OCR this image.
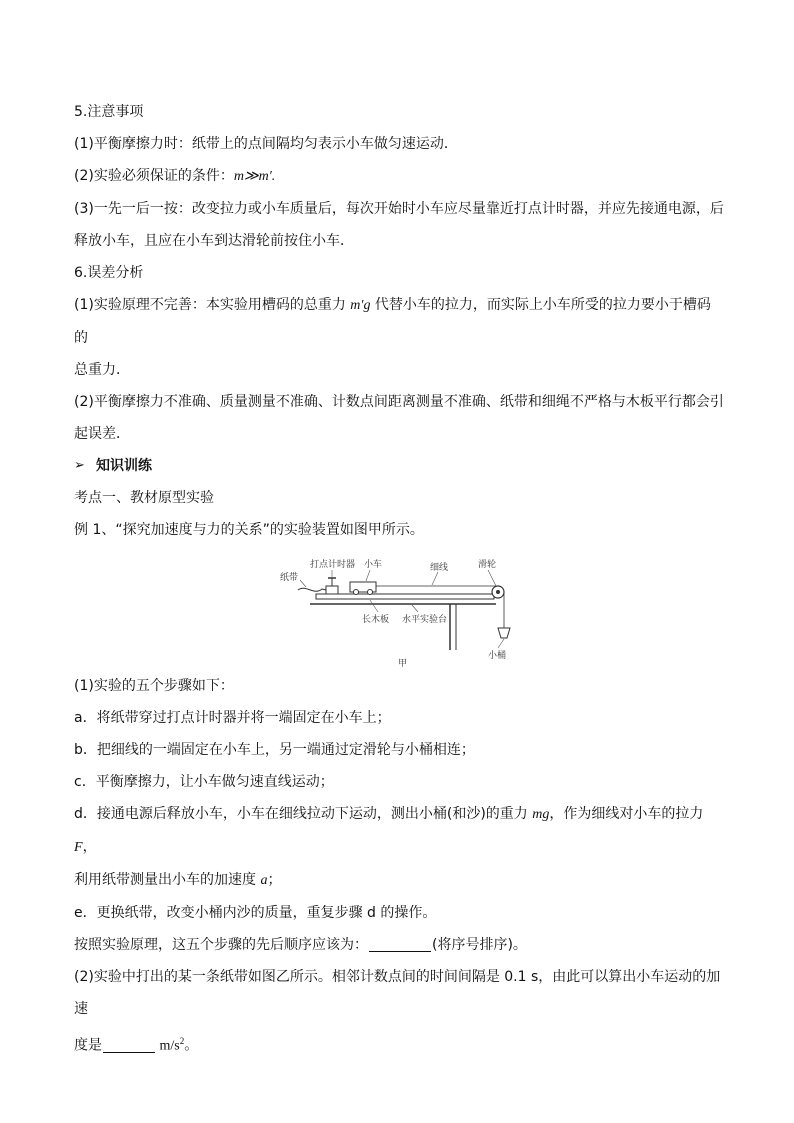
5.注意事项

(1)平衡摩擦力时：纸带上的点间隔均匀表示小车做匀速运动．

(2)实验必须保证的条件：m≫m′.

(3)一先一后一按：改变拉力或小车质量后，每次开始时小车应尽量靠近打点计时器，并应先接通电源，后

释放小车，且应在小车到达滑轮前按住小车．

6.误差分析

(1)实验原理不完善：本实验用槽码的总重力 m′g 代替小车的拉力，而实际上小车所受的拉力要小于槽码的

总重力．

(2)平衡摩擦力不准确、质量测量不准确、计数点间距离测量不准确、纸带和细绳不严格与木板平行都会引

起误差．

➢ 知识训练

考点一、教材原型实验

例 1、“探究加速度与力的关系”的实验装置如图甲所示。

打点计时器 小车	细线	滑轮
纸带
长木板 水平实验台
小桶
甲

(1)实验的五个步骤如下：

a．将纸带穿过打点计时器并将一端固定在小车上；

b．把细线的一端固定在小车上，另一端通过定滑轮与小桶相连；

c．平衡摩擦力，让小车做匀速直线运动；

d．接通电源后释放小车，小车在细线拉动下运动，测出小桶(和沙)的重力 mg，作为细线对小车的拉力 F，

利用纸带测量出小车的加速度 a；

e．更换纸带，改变小桶内沙的质量，重复步骤 d 的操作。

按照实验原理，这五个步骤的先后顺序应该为：	(将序号排序)。

(2)实验中打出的某一条纸带如图乙所示。相邻计数点间的时间间隔是 0.1 s，由此可以算出小车运动的加速

度是	$m/s^2$。
